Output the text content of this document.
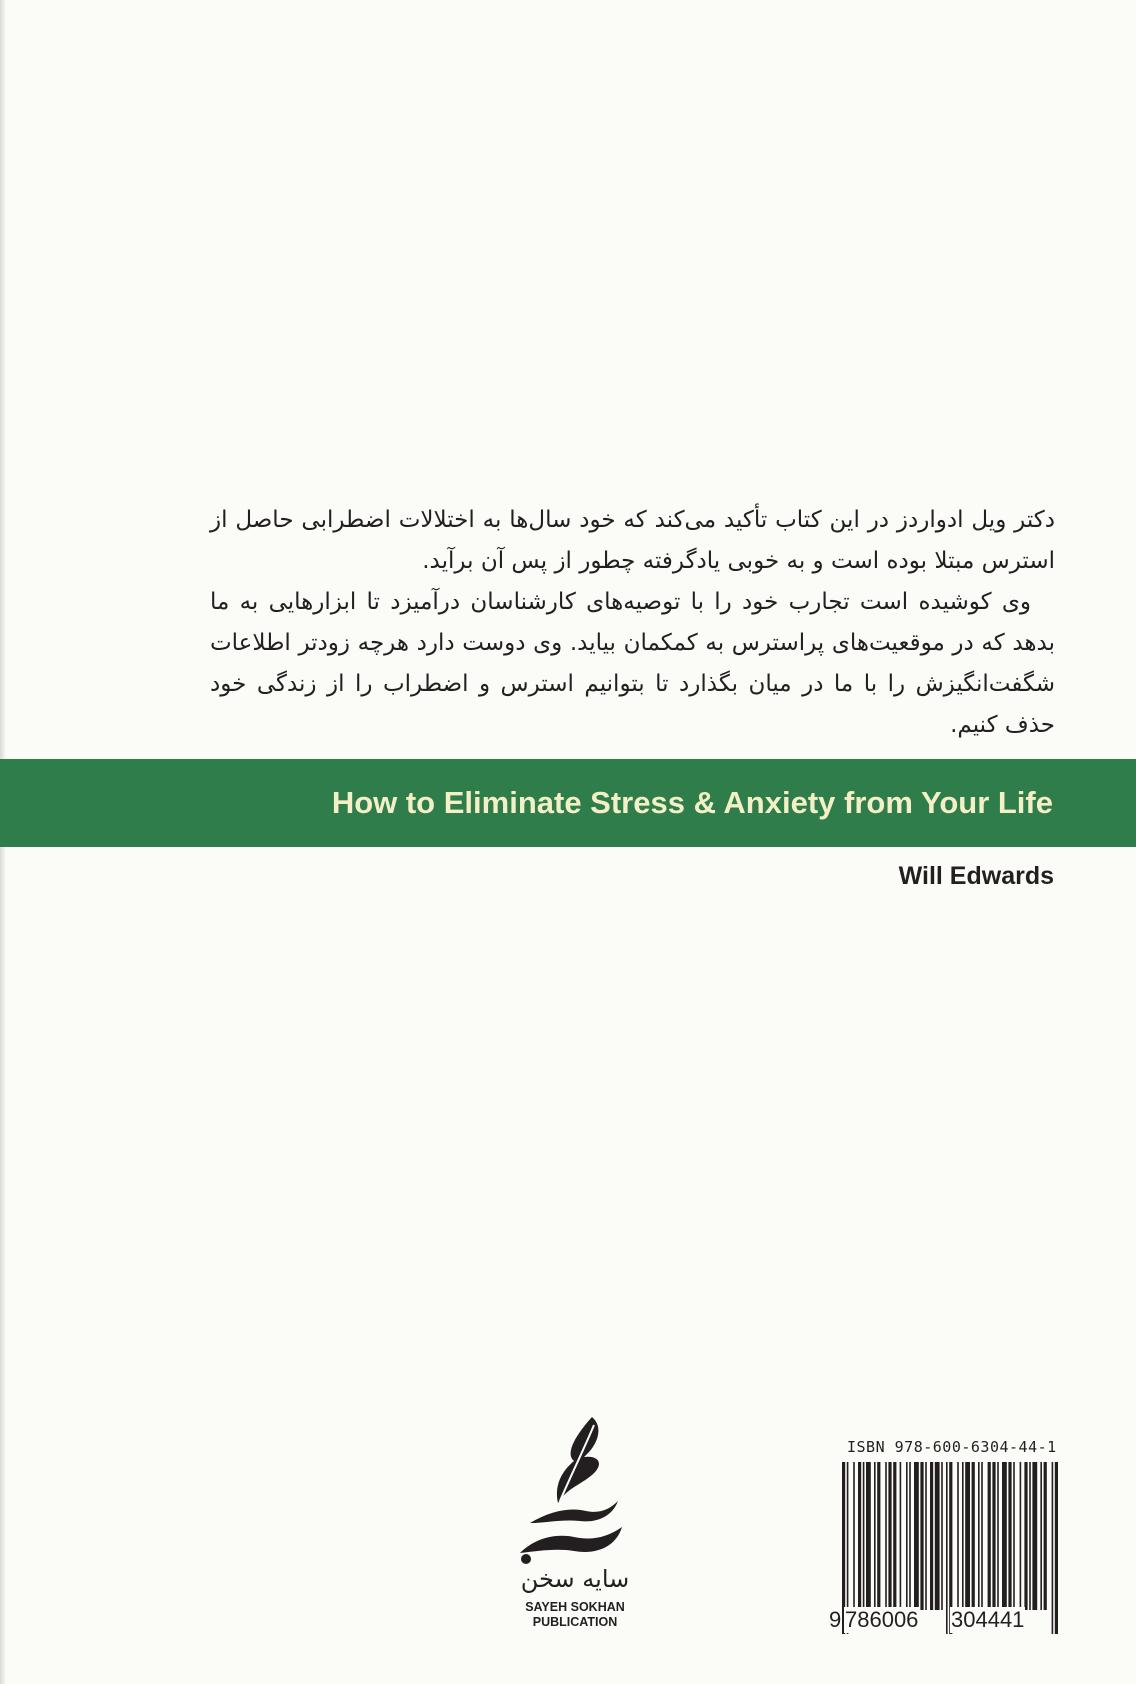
دکتر ویل ادواردز در این کتاب تأکید می‌کند که خود سال‌ها به اختلالات اضطرابی حاصل از استرس مبتلا بوده است و به خوبی یادگرفته چطور از پس آن برآید.

وی کوشیده است تجارب خود را با توصیه‌های کارشناسان درآمیزد تا ابزارهایی به ما بدهد که در موقعیت‌های پراسترس به کمکمان بیاید. وی دوست دارد هرچه زودتر اطلاعات شگفت‌انگیزش را با ما در میان بگذارد تا بتوانیم استرس و اضطراب را از زندگی خود حذف کنیم.

How to Eliminate Stress & Anxiety from Your Life
Will Edwards
سایه سخن
SAYEH SOKHAN
PUBLICATION
ISBN 978-600-6304-44-1
9 786006 304441
